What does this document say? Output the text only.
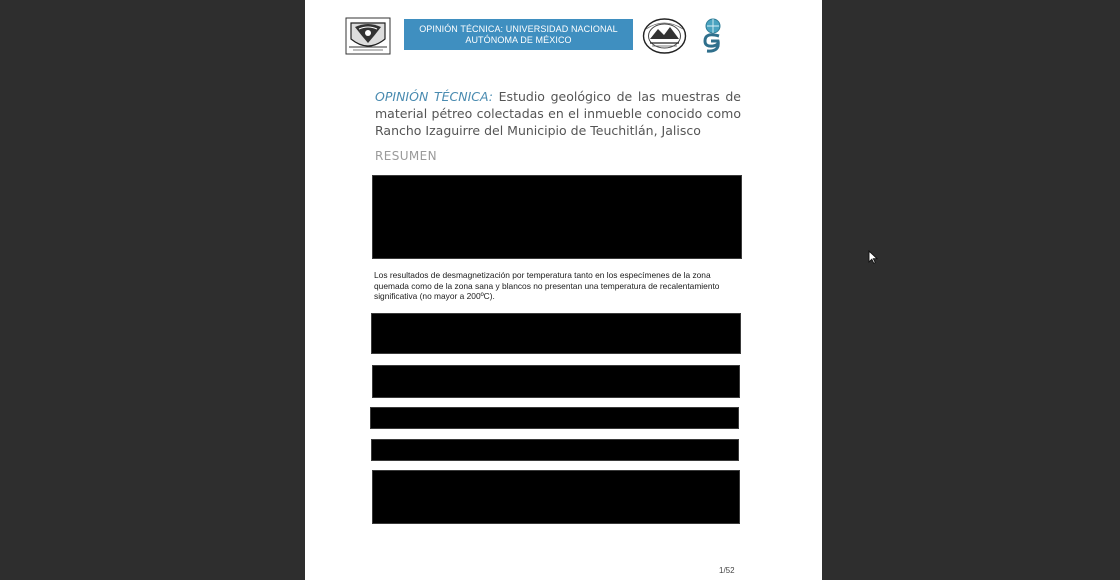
OPINIÓN TÉCNICA: UNIVERSIDAD NACIONAL AUTÓNOMA DE MÉXICO
OPINIÓN TÉCNICA: Estudio geológico de las muestras de material pétreo colectadas en el inmueble conocido como Rancho Izaguirre del Municipio de Teuchitlán, Jalisco
RESUMEN
Los resultados de desmagnetización por temperatura tanto en los especímenes de la zona quemada como de la zona sana y blancos no presentan una temperatura de recalentamiento significativa (no mayor a 200ºC).
1/52
